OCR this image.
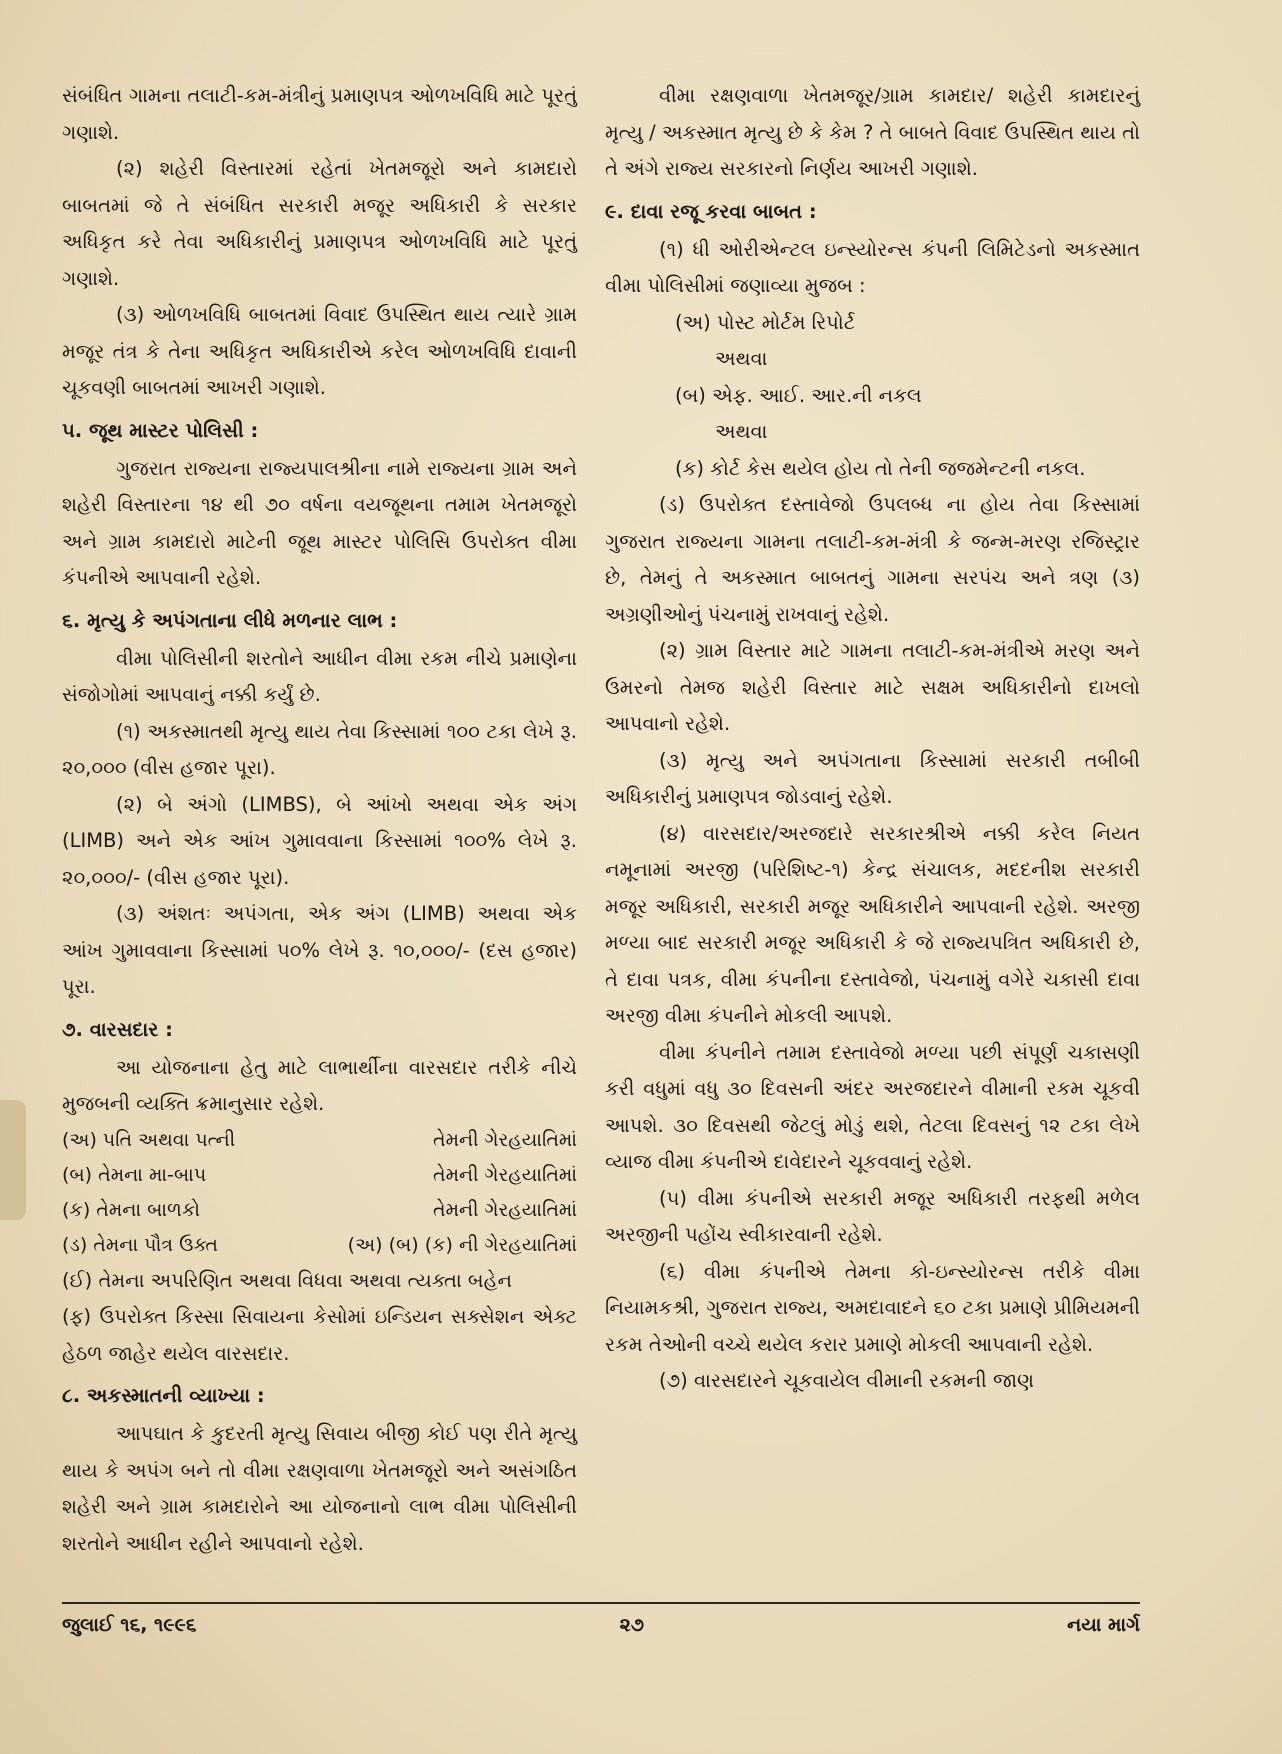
સંબંધિત ગામના તલાટી-કમ-મંત્રીનું પ્રમાણપત્ર ઓળખવિધિ માટે પૂરતું ગણાશે.

(૨) શહેરી વિસ્તારમાં રહેતાં ખેતમજૂરો અને કામદારો બાબતમાં જે તે સંબંધિત સરકારી મજૂર અધિકારી કે સરકાર અધિકૃત કરે તેવા અધિકારીનું પ્રમાણપત્ર ઓળખવિધિ માટે પૂરતું ગણાશે.

(૩) ઓળખવિધિ બાબતમાં વિવાદ ઉપસ્થિત થાય ત્યારે ગ્રામ મજૂર તંત્ર કે તેના અધિકૃત અધિકારીએ કરેલ ઓળખવિધિ દાવાની ચૂકવણી બાબતમાં આખરી ગણાશે.

૫. જૂથ માસ્ટર પોલિસી :

ગુજરાત રાજ્યના રાજ્યપાલશ્રીના નામે રાજ્યના ગ્રામ અને શહેરી વિસ્તારના ૧૪ થી ૭૦ વર્ષના વયજૂથના તમામ ખેતમજૂરો અને ગ્રામ કામદારો માટેની જૂથ માસ્ટર પોલિસિ ઉપરોક્ત વીમા કંપનીએ આપવાની રહેશે.

૬. મૃત્યુ કે અપંગતાના લીધે મળનાર લાભ :

વીમા પોલિસીની શરતોને આધીન વીમા રકમ નીચે પ્રમાણેના સંજોગોમાં આપવાનું નક્કી કર્યું છે.

(૧) અકસ્માતથી મૃત્યુ થાય તેવા કિસ્સામાં ૧૦૦ ટકા લેખે રૂ. ૨૦,૦૦૦ (વીસ હજાર પૂરા).

(૨) બે અંગો (LIMBS), બે આંખો અથવા એક અંગ (LIMB) અને એક આંખ ગુમાવવાના કિસ્સામાં ૧૦૦% લેખે રૂ. ૨૦,૦૦૦/- (વીસ હજાર પૂરા).

(૩) અંશતઃ અપંગતા, એક અંગ (LIMB) અથવા એક આંખ ગુમાવવાના કિસ્સામાં ૫૦% લેખે રૂ. ૧૦,૦૦૦/- (દસ હજાર) પૂરા.

૭. વારસદાર :

આ યોજનાના હેતુ માટે લાભાર્થીના વારસદાર તરીકે નીચે મુજબની વ્યક્તિ ક્રમાનુસાર રહેશે.

(અ) પતિ અથવા પત્ની	તેમની ગેરહયાતિમાં
(બ) તેમના મા-બાપ	તેમની ગેરહયાતિમાં
(ક) તેમના બાળકો	તેમની ગેરહયાતિમાં
(ડ) તેમના પૌત્ર ઉક્ત	(અ) (બ) (ક) ની ગેરહયાતિમાં

(ઈ) તેમના અપરિણિત અથવા વિધવા અથવા ત્યક્તા બહેન

(ફ) ઉપરોક્ત કિસ્સા સિવાયના કેસોમાં ઇન્ડિયન સક્સેશન એક્ટ હેઠળ જાહેર થયેલ વારસદાર.

૮. અકસ્માતની વ્યાખ્યા :

આપઘાત કે કુદરતી મૃત્યુ સિવાય બીજી કોઈ પણ રીતે મૃત્યુ થાય કે અપંગ બને તો વીમા રક્ષણવાળા ખેતમજૂરો અને અસંગઠિત શહેરી અને ગ્રામ કામદારોને આ યોજનાનો લાભ વીમા પોલિસીની શરતોને આધીન રહીને આપવાનો રહેશે.

વીમા રક્ષણવાળા ખેતમજૂર/ગ્રામ કામદાર/ શહેરી કામદારનું મૃત્યુ / અકસ્માત મૃત્યુ છે કે કેમ ? તે બાબતે વિવાદ ઉપસ્થિત થાય તો તે અંગે રાજ્ય સરકારનો નિર્ણય આખરી ગણાશે.

૯. દાવા રજૂ કરવા બાબત :

(૧) ધી ઓરીએન્ટલ ઇન્સ્યોરન્સ કંપની લિમિટેડનો અકસ્માત વીમા પોલિસીમાં જણાવ્યા મુજબ :

(અ) પોસ્ટ મોર્ટમ રિપોર્ટ

અથવા

(બ) એફ. આઈ. આર.ની નકલ

અથવા

(ક) કોર્ટ કેસ થયેલ હોય તો તેની જજમેન્ટની નકલ.

(ડ) ઉપરોક્ત દસ્તાવેજો ઉપલબ્ધ ના હોય તેવા કિસ્સામાં ગુજરાત રાજ્યના ગામના તલાટી-કમ-મંત્રી કે જન્મ-મરણ રજિસ્ટ્રાર છે, તેમનું તે અકસ્માત બાબતનું ગામના સરપંચ અને ત્રણ (૩) અગ્રણીઓનું પંચનામું રાખવાનું રહેશે.

(૨) ગ્રામ વિસ્તાર માટે ગામના તલાટી-કમ-મંત્રીએ મરણ અને ઉમરનો તેમજ શહેરી વિસ્તાર માટે સક્ષમ અધિકારીનો દાખલો આપવાનો રહેશે.

(૩) મૃત્યુ અને અપંગતાના કિસ્સામાં સરકારી તબીબી અધિકારીનું પ્રમાણપત્ર જોડવાનું રહેશે.

(૪) વારસદાર/અરજદારે સરકારશ્રીએ નક્કી કરેલ નિયત નમૂનામાં અરજી (પરિશિષ્ટ-૧) કેન્દ્ર સંચાલક, મદદનીશ સરકારી મજૂર અધિકારી, સરકારી મજૂર અધિકારીને આપવાની રહેશે. અરજી મળ્યા બાદ સરકારી મજૂર અધિકારી કે જે રાજ્યપત્રિત અધિકારી છે, તે દાવા પત્રક, વીમા કંપનીના દસ્તાવેજો, પંચનામું વગેરે ચકાસી દાવા અરજી વીમા કંપનીને મોકલી આપશે.

વીમા કંપનીને તમામ દસ્તાવેજો મળ્યા પછી સંપૂર્ણ ચકાસણી કરી વધુમાં વધુ ૩૦ દિવસની અંદર અરજદારને વીમાની રકમ ચૂકવી આપશે. ૩૦ દિવસથી જેટલું મોડું થશે, તેટલા દિવસનું ૧૨ ટકા લેખે વ્યાજ વીમા કંપનીએ દાવેદારને ચૂકવવાનું રહેશે.

(૫) વીમા કંપનીએ સરકારી મજૂર અધિકારી તરફથી મળેલ અરજીની પહોંચ સ્વીકારવાની રહેશે.

(૬) વીમા કંપનીએ તેમના કો-ઇન્સ્યોરન્સ તરીકે વીમા નિયામકશ્રી, ગુજરાત રાજ્ય, અમદાવાદને ૬૦ ટકા પ્રમાણે પ્રીમિયમની રકમ તેઓની વચ્ચે થયેલ કરાર પ્રમાણે મોકલી આપવાની રહેશે.

(૭) વારસદારને ચૂકવાયેલ વીમાની રકમની જાણ

જુલાઈ ૧૬, ૧૯૯૬	૨૭	નયા માર્ગ
